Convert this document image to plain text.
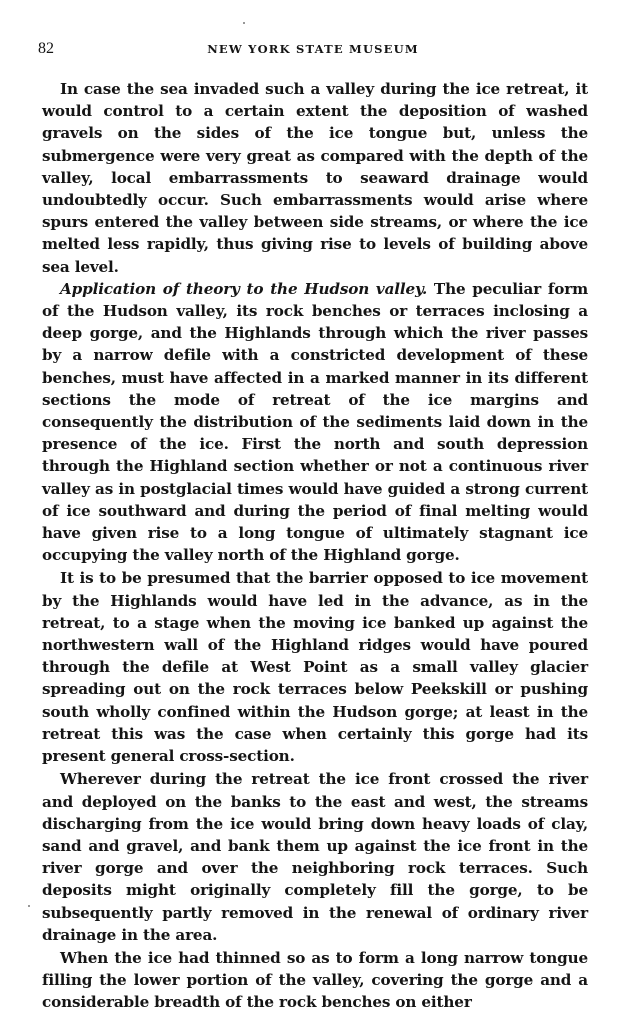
82	NEW YORK STATE MUSEUM

In case the sea invaded such a valley during the ice retreat, it would control to a certain extent the deposition of washed gravels on the sides of the ice tongue but, unless the submergence were very great as compared with the depth of the valley, local embarrassments to seaward drainage would undoubtedly occur. Such embarrassments would arise where spurs entered the valley between side streams, or where the ice melted less rapidly, thus giving rise to levels of building above sea level.

Application of theory to the Hudson valley. The peculiar form of the Hudson valley, its rock benches or terraces inclosing a deep gorge, and the Highlands through which the river passes by a narrow defile with a constricted development of these benches, must have affected in a marked manner in its different sections the mode of retreat of the ice margins and consequently the distribution of the sediments laid down in the presence of the ice. First the north and south depression through the Highland section whether or not a continuous river valley as in postglacial times would have guided a strong current of ice southward and during the period of final melting would have given rise to a long tongue of ultimately stagnant ice occupying the valley north of the Highland gorge.

It is to be presumed that the barrier opposed to ice movement by the Highlands would have led in the advance, as in the retreat, to a stage when the moving ice banked up against the northwestern wall of the Highland ridges would have poured through the defile at West Point as a small valley glacier spreading out on the rock terraces below Peekskill or pushing south wholly confined within the Hudson gorge; at least in the retreat this was the case when certainly this gorge had its present general cross-section.

Wherever during the retreat the ice front crossed the river and deployed on the banks to the east and west, the streams discharging from the ice would bring down heavy loads of clay, sand and gravel, and bank them up against the ice front in the river gorge and over the neighboring rock terraces. Such deposits might originally completely fill the gorge, to be subsequently partly removed in the renewal of ordinary river drainage in the area.

When the ice had thinned so as to form a long narrow tongue filling the lower portion of the valley, covering the gorge and a considerable breadth of the rock benches on either
